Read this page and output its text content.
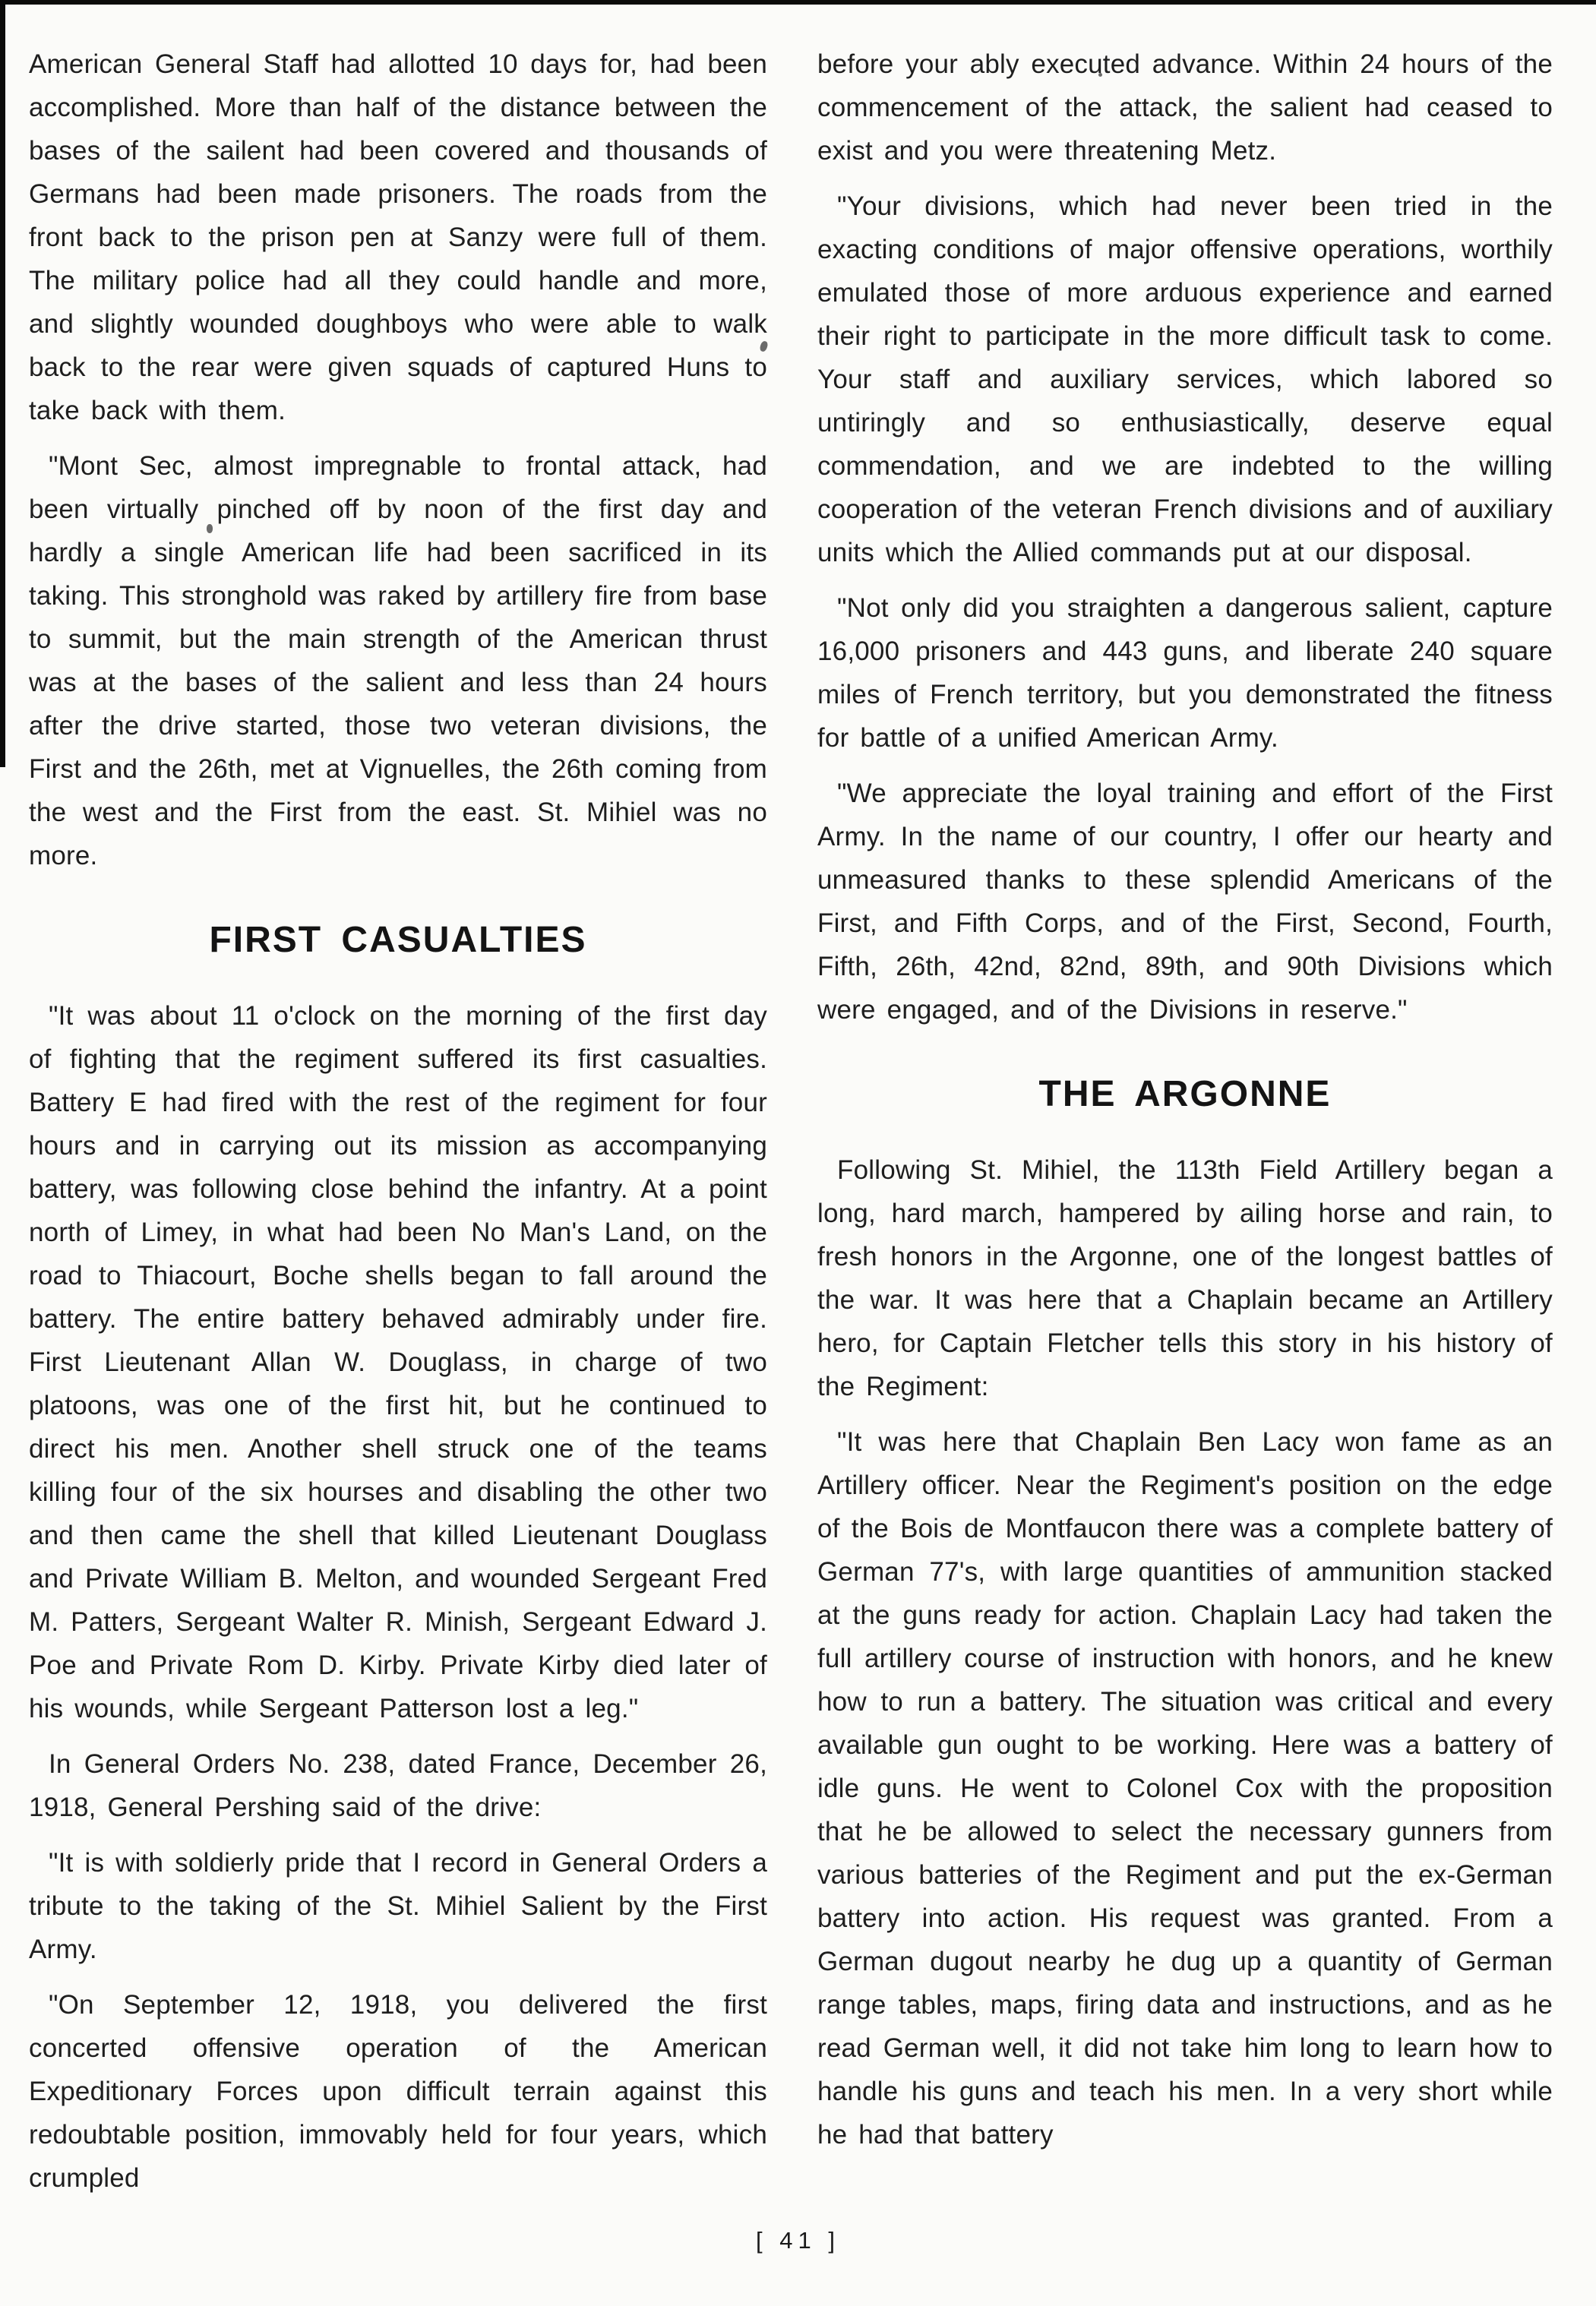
American General Staff had allotted 10 days for, had been accomplished. More than half of the distance between the bases of the sailent had been covered and thousands of Germans had been made prisoners. The roads from the front back to the prison pen at Sanzy were full of them. The military police had all they could handle and more, and slightly wounded doughboys who were able to walk back to the rear were given squads of captured Huns to take back with them.

"Mont Sec, almost impregnable to frontal attack, had been virtually pinched off by noon of the first day and hardly a single American life had been sacrificed in its taking. This stronghold was raked by artillery fire from base to summit, but the main strength of the American thrust was at the bases of the salient and less than 24 hours after the drive started, those two veteran divisions, the First and the 26th, met at Vignuelles, the 26th coming from the west and the First from the east. St. Mihiel was no more.

FIRST CASUALTIES

"It was about 11 o'clock on the morning of the first day of fighting that the regiment suffered its first casualties. Battery E had fired with the rest of the regiment for four hours and in carrying out its mission as accompanying battery, was following close behind the infantry. At a point north of Limey, in what had been No Man's Land, on the road to Thiacourt, Boche shells began to fall around the battery. The entire battery behaved admirably under fire. First Lieutenant Allan W. Douglass, in charge of two platoons, was one of the first hit, but he continued to direct his men. Another shell struck one of the teams killing four of the six hourses and disabling the other two and then came the shell that killed Lieutenant Douglass and Private William B. Melton, and wounded Sergeant Fred M. Patters, Sergeant Walter R. Minish, Sergeant Edward J. Poe and Private Rom D. Kirby. Private Kirby died later of his wounds, while Sergeant Patterson lost a leg."

In General Orders No. 238, dated France, December 26, 1918, General Pershing said of the drive:

"It is with soldierly pride that I record in General Orders a tribute to the taking of the St. Mihiel Salient by the First Army.

"On September 12, 1918, you delivered the first concerted offensive operation of the American Expeditionary Forces upon difficult terrain against this redoubtable position, immovably held for four years, which crumpled

before your ably executed advance. Within 24 hours of the commencement of the attack, the salient had ceased to exist and you were threatening Metz.

"Your divisions, which had never been tried in the exacting conditions of major offensive operations, worthily emulated those of more arduous experience and earned their right to participate in the more difficult task to come. Your staff and auxiliary services, which labored so untiringly and so enthusiastically, deserve equal commendation, and we are indebted to the willing cooperation of the veteran French divisions and of auxiliary units which the Allied commands put at our disposal.

"Not only did you straighten a dangerous salient, capture 16,000 prisoners and 443 guns, and liberate 240 square miles of French territory, but you demonstrated the fitness for battle of a unified American Army.

"We appreciate the loyal training and effort of the First Army. In the name of our country, I offer our hearty and unmeasured thanks to these splendid Americans of the First, and Fifth Corps, and of the First, Second, Fourth, Fifth, 26th, 42nd, 82nd, 89th, and 90th Divisions which were engaged, and of the Divisions in reserve."

THE ARGONNE

Following St. Mihiel, the 113th Field Artillery began a long, hard march, hampered by ailing horse and rain, to fresh honors in the Argonne, one of the longest battles of the war. It was here that a Chaplain became an Artillery hero, for Captain Fletcher tells this story in his history of the Regiment:

"It was here that Chaplain Ben Lacy won fame as an Artillery officer. Near the Regiment's position on the edge of the Bois de Montfaucon there was a complete battery of German 77's, with large quantities of ammunition stacked at the guns ready for action. Chaplain Lacy had taken the full artillery course of instruction with honors, and he knew how to run a battery. The situation was critical and every available gun ought to be working. Here was a battery of idle guns. He went to Colonel Cox with the proposition that he be allowed to select the necessary gunners from various batteries of the Regiment and put the ex-German battery into action. His request was granted. From a German dugout nearby he dug up a quantity of German range tables, maps, firing data and instructions, and as he read German well, it did not take him long to learn how to handle his guns and teach his men. In a very short while he had that battery

[ 41 ]
